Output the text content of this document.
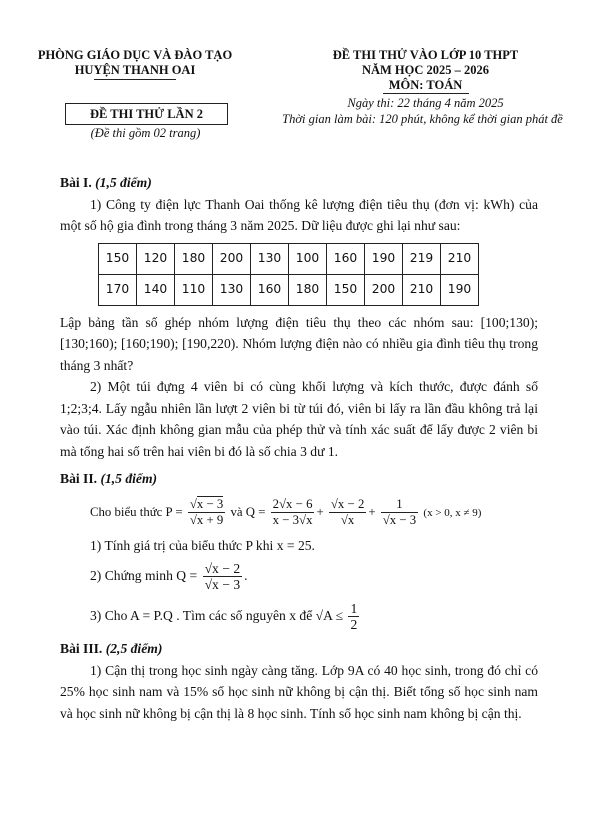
PHÒNG GIÁO DỤC VÀ ĐÀO TẠO
HUYỆN THANH OAI
ĐỀ THI THỬ LẦN 2
(Đề thi gồm 02 trang)
ĐỀ THI THỬ VÀO LỚP 10 THPT
NĂM HỌC 2025 – 2026
MÔN: TOÁN
Ngày thi: 22 tháng 4 năm 2025
Thời gian làm bài: 120 phút, không kể thời gian phát đề

Bài I. (1,5 điểm)

1) Công ty điện lực Thanh Oai thống kê lượng điện tiêu thụ (đơn vị: kWh) của một số hộ gia đình trong tháng 3 năm 2025. Dữ liệu được ghi lại như sau:

150	120	180	200	130	100	160	190	219	210
170	140	110	130	160	180	150	200	210	190

Lập bảng tần số ghép nhóm lượng điện tiêu thụ theo các nhóm sau: [100;130); [130;160); [160;190); [190,220). Nhóm lượng điện nào có nhiều gia đình tiêu thụ trong tháng 3 nhất?

2) Một túi đựng 4 viên bi có cùng khối lượng và kích thước, được đánh số 1;2;3;4. Lấy ngẫu nhiên lần lượt 2 viên bi từ túi đó, viên bi lấy ra lần đầu không trả lại vào túi. Xác định không gian mẫu của phép thử và tính xác suất để lấy được 2 viên bi mà tổng hai số trên hai viên bi đó là số chia 3 dư 1.

Bài II. (1,5 điểm)

Cho biểu thức $P = \frac{√x - 3}{√x + 9}$ và $Q = \frac{2√x - 6}{x - 3√x} + \frac{√x - 2}{√x} + \frac{1}{√x - 3} (x > 0$, x ≠ 9)

1) Tính giá trị của biểu thức P khi x = 25.

2) Chứng minh $Q = \frac{√x - 2}{√x - 3}$ .
3) Cho A = P.Q . Tìm các số nguyên x để $√A \le \frac{1}{2}$

Bài III. (2,5 điểm)

1) Cận thị trong học sinh ngày càng tăng. Lớp 9A có 40 học sinh, trong đó chỉ có 25% học sinh nam và 15% số học sinh nữ không bị cận thị. Biết tổng số học sinh nam và học sinh nữ không bị cận thị là 8 học sinh. Tính số học sinh nam không bị cận thị.
